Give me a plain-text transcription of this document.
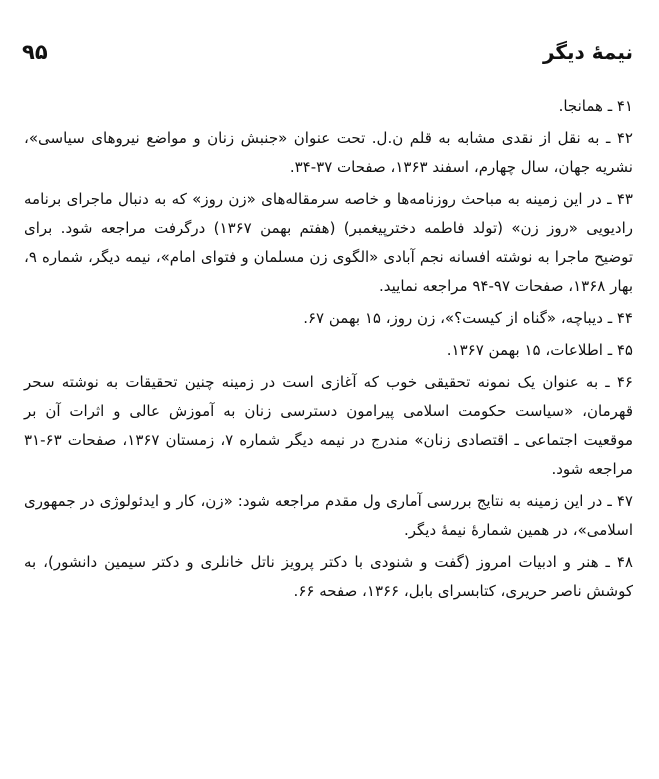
۹۵	نیمهٔ دیگر

۴۱ ـ همانجا.

۴۲ ـ به نقل از نقدی مشابه به قلم ن.ل. تحت عنوان «جنبش زنان و مواضع نیروهای سیاسی»، نشریه جهان، سال چهارم، اسفند ۱۳۶۳، صفحات ۳۷-۳۴.

۴۳ ـ در این زمینه به مباحث روزنامه‌ها و خاصه سرمقاله‌های «زن روز» که به دنبال ماجرای برنامه رادیویی «روز زن» (تولد فاطمه دخترپیغمبر) (هفتم بهمن ۱۳۶۷) درگرفت مراجعه شود. برای توضیح ماجرا به نوشته افسانه نجم آبادی «الگوی زن مسلمان و فتوای امام»، نیمه دیگر، شماره ۹، بهار ۱۳۶۸، صفحات ۹۷-۹۴ مراجعه نمایید.

۴۴ ـ دیباچه، «گناه از کیست؟»، زن روز، ۱۵ بهمن ۶۷.

۴۵ ـ اطلاعات، ۱۵ بهمن ۱۳۶۷.

۴۶ ـ به عنوان یک نمونه تحقیقی خوب که آغازی است در زمینه چنین تحقیقات به نوشته سحر قهرمان، «سیاست حکومت اسلامی پیرامون دسترسی زنان به آموزش عالی و اثرات آن بر موقعیت اجتماعی ـ اقتصادی زنان» مندرج در نیمه دیگر شماره ۷، زمستان ۱۳۶۷، صفحات ۶۳-۳۱ مراجعه شود.

۴۷ ـ در این زمینه به نتایج بررسی آماری ول مقدم مراجعه شود: «زن، کار و ایدئولوژی در جمهوری اسلامی»، در همین شمارهٔ نیمهٔ دیگر.

۴۸ ـ هنر و ادبیات امروز (گفت و شنودی با دکتر پرویز ناتل خانلری و دکتر سیمین دانشور)، به کوشش ناصر حریری، کتابسرای بابل، ۱۳۶۶، صفحه ۶۶.
